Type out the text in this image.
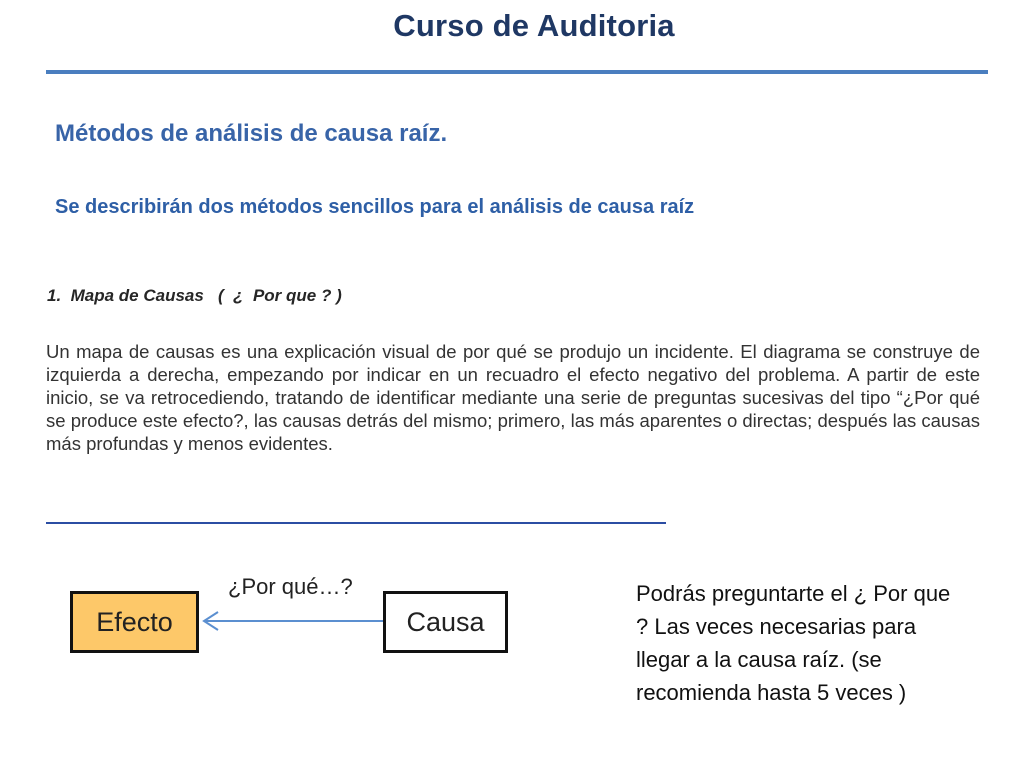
Curso de Auditoria
Métodos de análisis de causa raíz.
Se describirán dos métodos sencillos para el análisis de causa raíz
1.  Mapa de Causas   (  ¿  Por que ? )
Un mapa de causas es una explicación visual de por qué se produjo un incidente. El diagrama se construye de izquierda a derecha, empezando por indicar en un recuadro el efecto negativo del problema. A partir de este inicio, se va retrocediendo, tratando de identificar mediante una serie de preguntas sucesivas del tipo “¿Por qué se produce este efecto?, las causas detrás del mismo; primero, las más aparentes o directas; después las causas más profundas y menos evidentes.
¿Por qué…?
Efecto	Causa
Podrás preguntarte el ¿ Por que ? Las veces necesarias para llegar a la causa raíz. (se recomienda hasta 5 veces )
